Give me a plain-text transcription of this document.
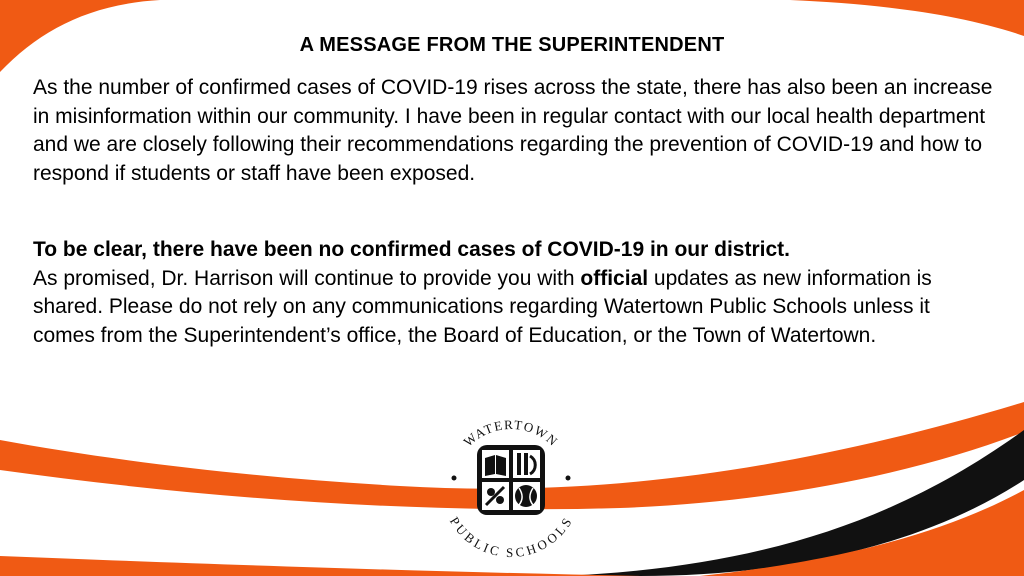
A MESSAGE FROM THE SUPERINTENDENT

As the number of confirmed cases of COVID-19 rises across the state, there has also been an increase in misinformation within our community. I have been in regular contact with our local health department and we are closely following their recommendations regarding the prevention of COVID-19 and how to respond if students or staff have been exposed.

To be clear, there have been no confirmed cases of COVID-19 in our district.
As promised, Dr. Harrison will continue to provide you with official updates as new information is shared. Please do not rely on any communications regarding Watertown Public Schools unless it comes from the Superintendent’s office, the Board of Education, or the Town of Watertown.

WATERTOWN
PUBLIC SCHOOLS
